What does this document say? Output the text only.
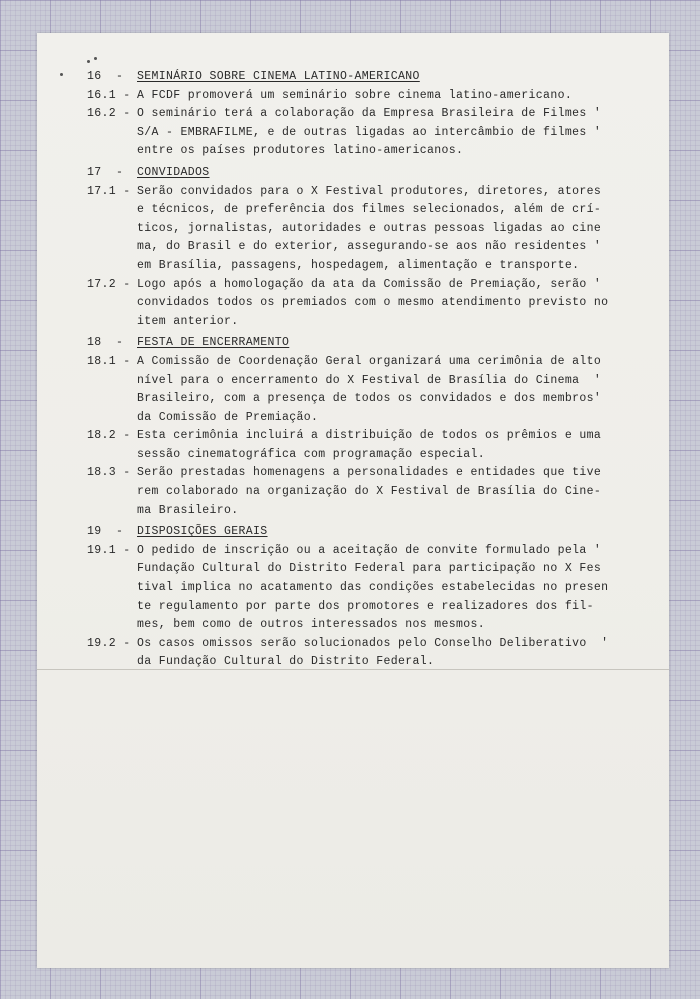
16  -	SEMINÁRIO SOBRE CINEMA LATINO-AMERICANO
16.1 - A FCDF promoverá um seminário sobre cinema latino-americano.
16.2 - O seminário terá a colaboração da Empresa Brasileira de Filmes '
S/A - EMBRAFILME, e de outras ligadas ao intercâmbio de filmes '
entre os países produtores latino-americanos.
17  -	CONVIDADOS
17.1 - Serão convidados para o X Festival produtores, diretores, atores
e técnicos, de preferência dos filmes selecionados, além de crí-
ticos, jornalistas, autoridades e outras pessoas ligadas ao cine
ma, do Brasil e do exterior, assegurando-se aos não residentes '
em Brasília, passagens, hospedagem, alimentação e transporte.
17.2 - Logo após a homologação da ata da Comissão de Premiação, serão '
convidados todos os premiados com o mesmo atendimento previsto no
item anterior.
18  -	FESTA DE ENCERRAMENTO
18.1 - A Comissão de Coordenação Geral organizará uma cerimônia de alto
nível para o encerramento do X Festival de Brasília do Cinema  '
Brasileiro, com a presença de todos os convidados e dos membros'
da Comissão de Premiação.
18.2 - Esta cerimônia incluirá a distribuição de todos os prêmios e uma
sessão cinematográfica com programação especial.
18.3 - Serão prestadas homenagens a personalidades e entidades que tive
rem colaborado na organização do X Festival de Brasília do Cine-
ma Brasileiro.
19  -	DISPOSIÇÕES GERAIS
19.1 - O pedido de inscrição ou a aceitação de convite formulado pela '
Fundação Cultural do Distrito Federal para participação no X Fes
tival implica no acatamento das condições estabelecidas no presen
te regulamento por parte dos promotores e realizadores dos fil-
mes, bem como de outros interessados nos mesmos.
19.2 - Os casos omissos serão solucionados pelo Conselho Deliberativo  '
da Fundação Cultural do Distrito Federal.
